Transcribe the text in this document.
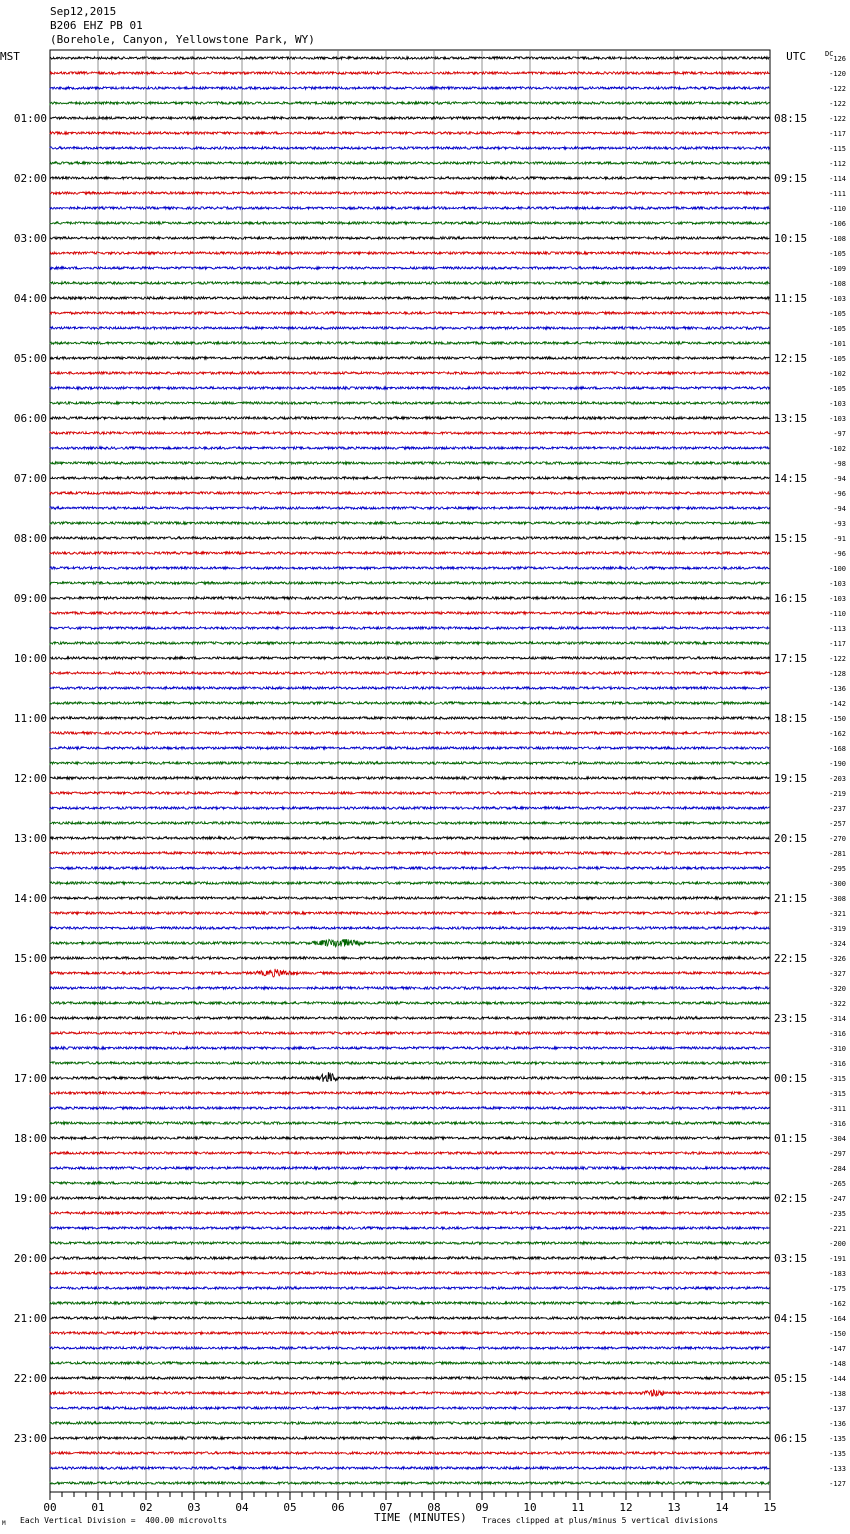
Sep12,2015
B206 EHZ PB 01
(Borehole, Canyon, Yellowstone Park, WY)
-126
-120
-122
-122
-122
-117
-115
-112
-114
-111
-110
-106
-108
-105
-109
-108
-103
-105
-105
-101
-105
-102
-105
-103
-103
-97
-102
-98
-94
-96
-94
-93
-91
-96
-100
-103
-103
-110
-113
-117
-122
-128
-136
-142
-150
-162
-168
-190
-203
-219
-237
-257
-270
-281
-295
-300
-308
-321
-319
-324
-326
-327
-320
-322
-314
-316
-310
-316
-315
-315
-311
-316
-304
-297
-284
-265
-247
-235
-221
-200
-191
-183
-175
-162
-164
-150
-147
-148
-144
-138
-137
-136
-135
-135
-133
-127
MST	UTC	DC
01:00
02:00
03:00
04:00
05:00
06:00
07:00
08:00
09:00
10:00
11:00
12:00
13:00
14:00
15:00
16:00
17:00
18:00
19:00
20:00
21:00
22:00
23:00
08:15
09:15
10:15
11:15
12:15
13:15
14:15
15:15
16:15
17:15
18:15
19:15
20:15
21:15
22:15
23:15
00:15
01:15
02:15
03:15
04:15
05:15
06:15
00	01	02	03	04	05	06	07	08	09	10	11	12	13	14	15
TIME (MINUTES)
Each Vertical Division =  400.00 microvolts	Traces clipped at plus/minus 5 vertical divisions
M
